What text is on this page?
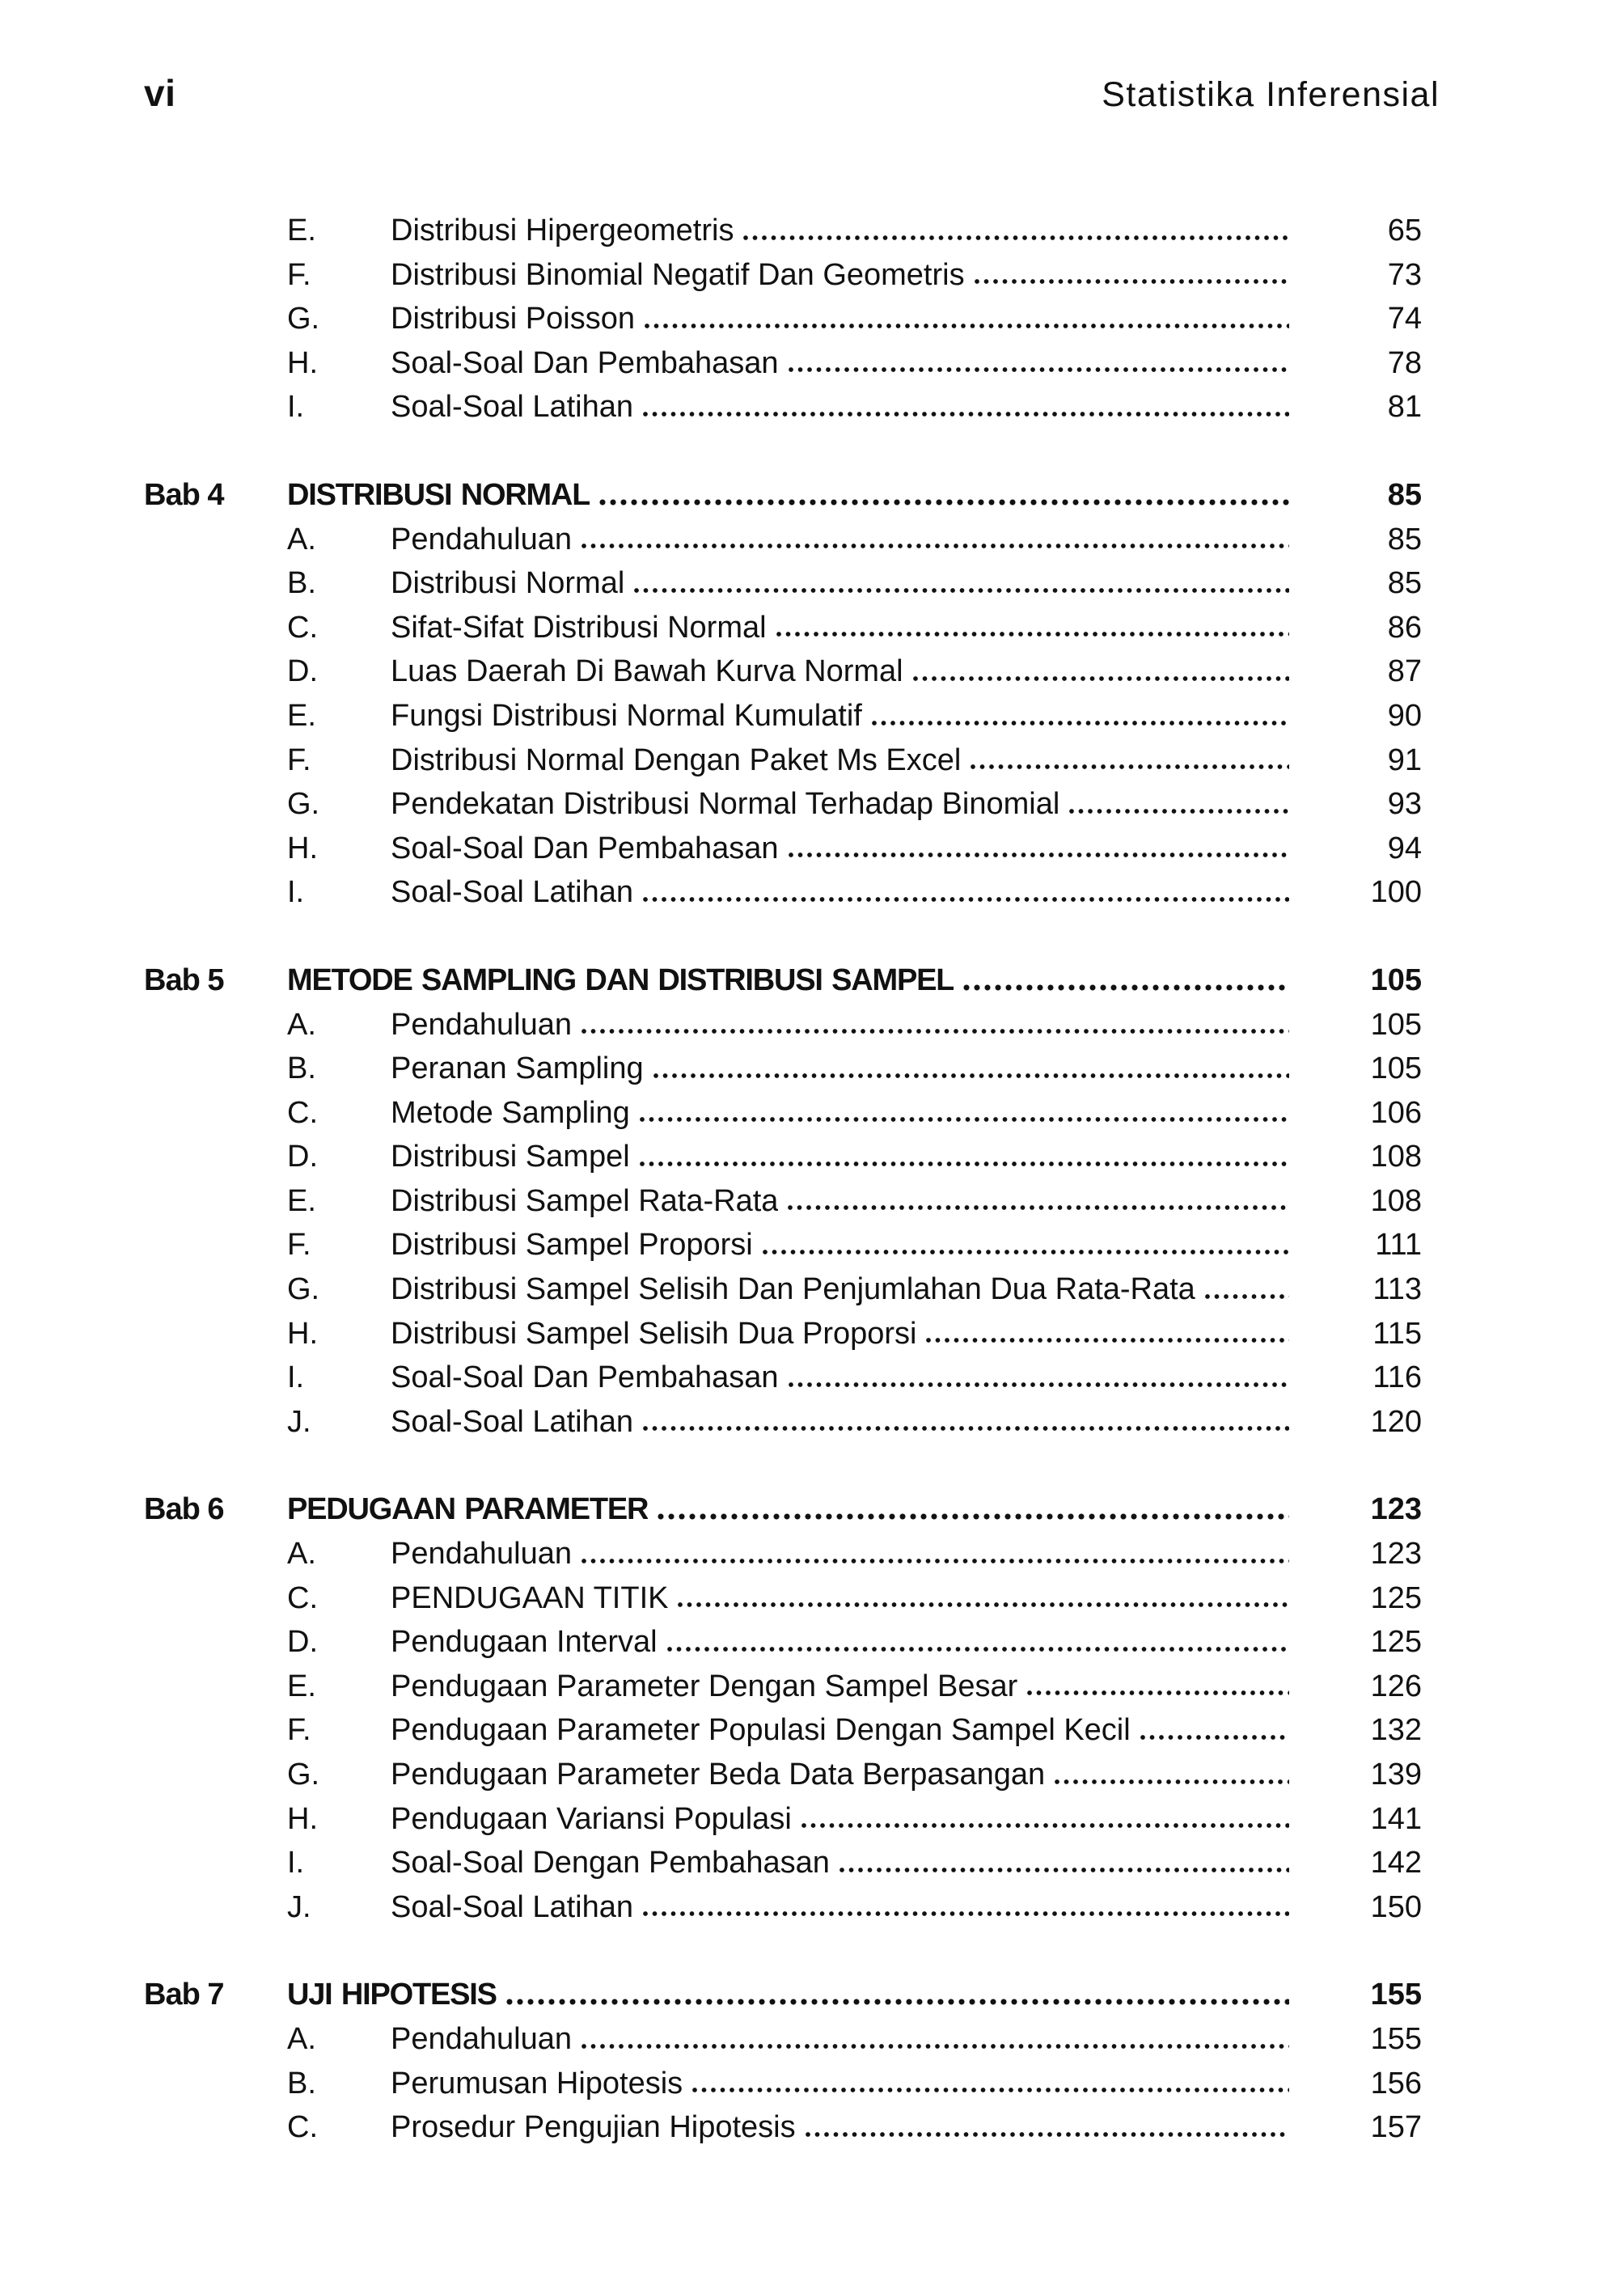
vi	Statistika Inferensial
E.	Distribusi Hipergeometris	65
F.	Distribusi Binomial Negatif Dan Geometris	73
G.	Distribusi Poisson	74
H.	Soal-Soal Dan Pembahasan	78
I.	Soal-Soal Latihan	81
Bab 4	DISTRIBUSI NORMAL	85
A.	Pendahuluan	85
B.	Distribusi Normal	85
C.	Sifat-Sifat Distribusi Normal	86
D.	Luas Daerah Di Bawah Kurva Normal	87
E.	Fungsi Distribusi Normal Kumulatif	90
F.	Distribusi Normal Dengan Paket Ms Excel	91
G.	Pendekatan Distribusi Normal Terhadap Binomial	93
H.	Soal-Soal Dan Pembahasan	94
I.	Soal-Soal Latihan	100
Bab 5	METODE SAMPLING DAN DISTRIBUSI SAMPEL	105
A.	Pendahuluan	105
B.	Peranan Sampling	105
C.	Metode Sampling	106
D.	Distribusi Sampel	108
E.	Distribusi Sampel Rata-Rata	108
F.	Distribusi Sampel Proporsi	111
G.	Distribusi Sampel Selisih Dan Penjumlahan Dua Rata-Rata	113
H.	Distribusi Sampel Selisih Dua Proporsi	115
I.	Soal-Soal Dan Pembahasan	116
J.	Soal-Soal Latihan	120
Bab 6	PEDUGAAN PARAMETER	123
A.	Pendahuluan	123
C.	PENDUGAAN TITIK	125
D.	Pendugaan Interval	125
E.	Pendugaan Parameter Dengan Sampel Besar	126
F.	Pendugaan Parameter Populasi Dengan Sampel Kecil	132
G.	Pendugaan Parameter Beda Data Berpasangan	139
H.	Pendugaan Variansi Populasi	141
I.	Soal-Soal Dengan Pembahasan	142
J.	Soal-Soal Latihan	150
Bab 7	UJI HIPOTESIS	155
A.	Pendahuluan	155
B.	Perumusan Hipotesis	156
C.	Prosedur Pengujian Hipotesis	157
